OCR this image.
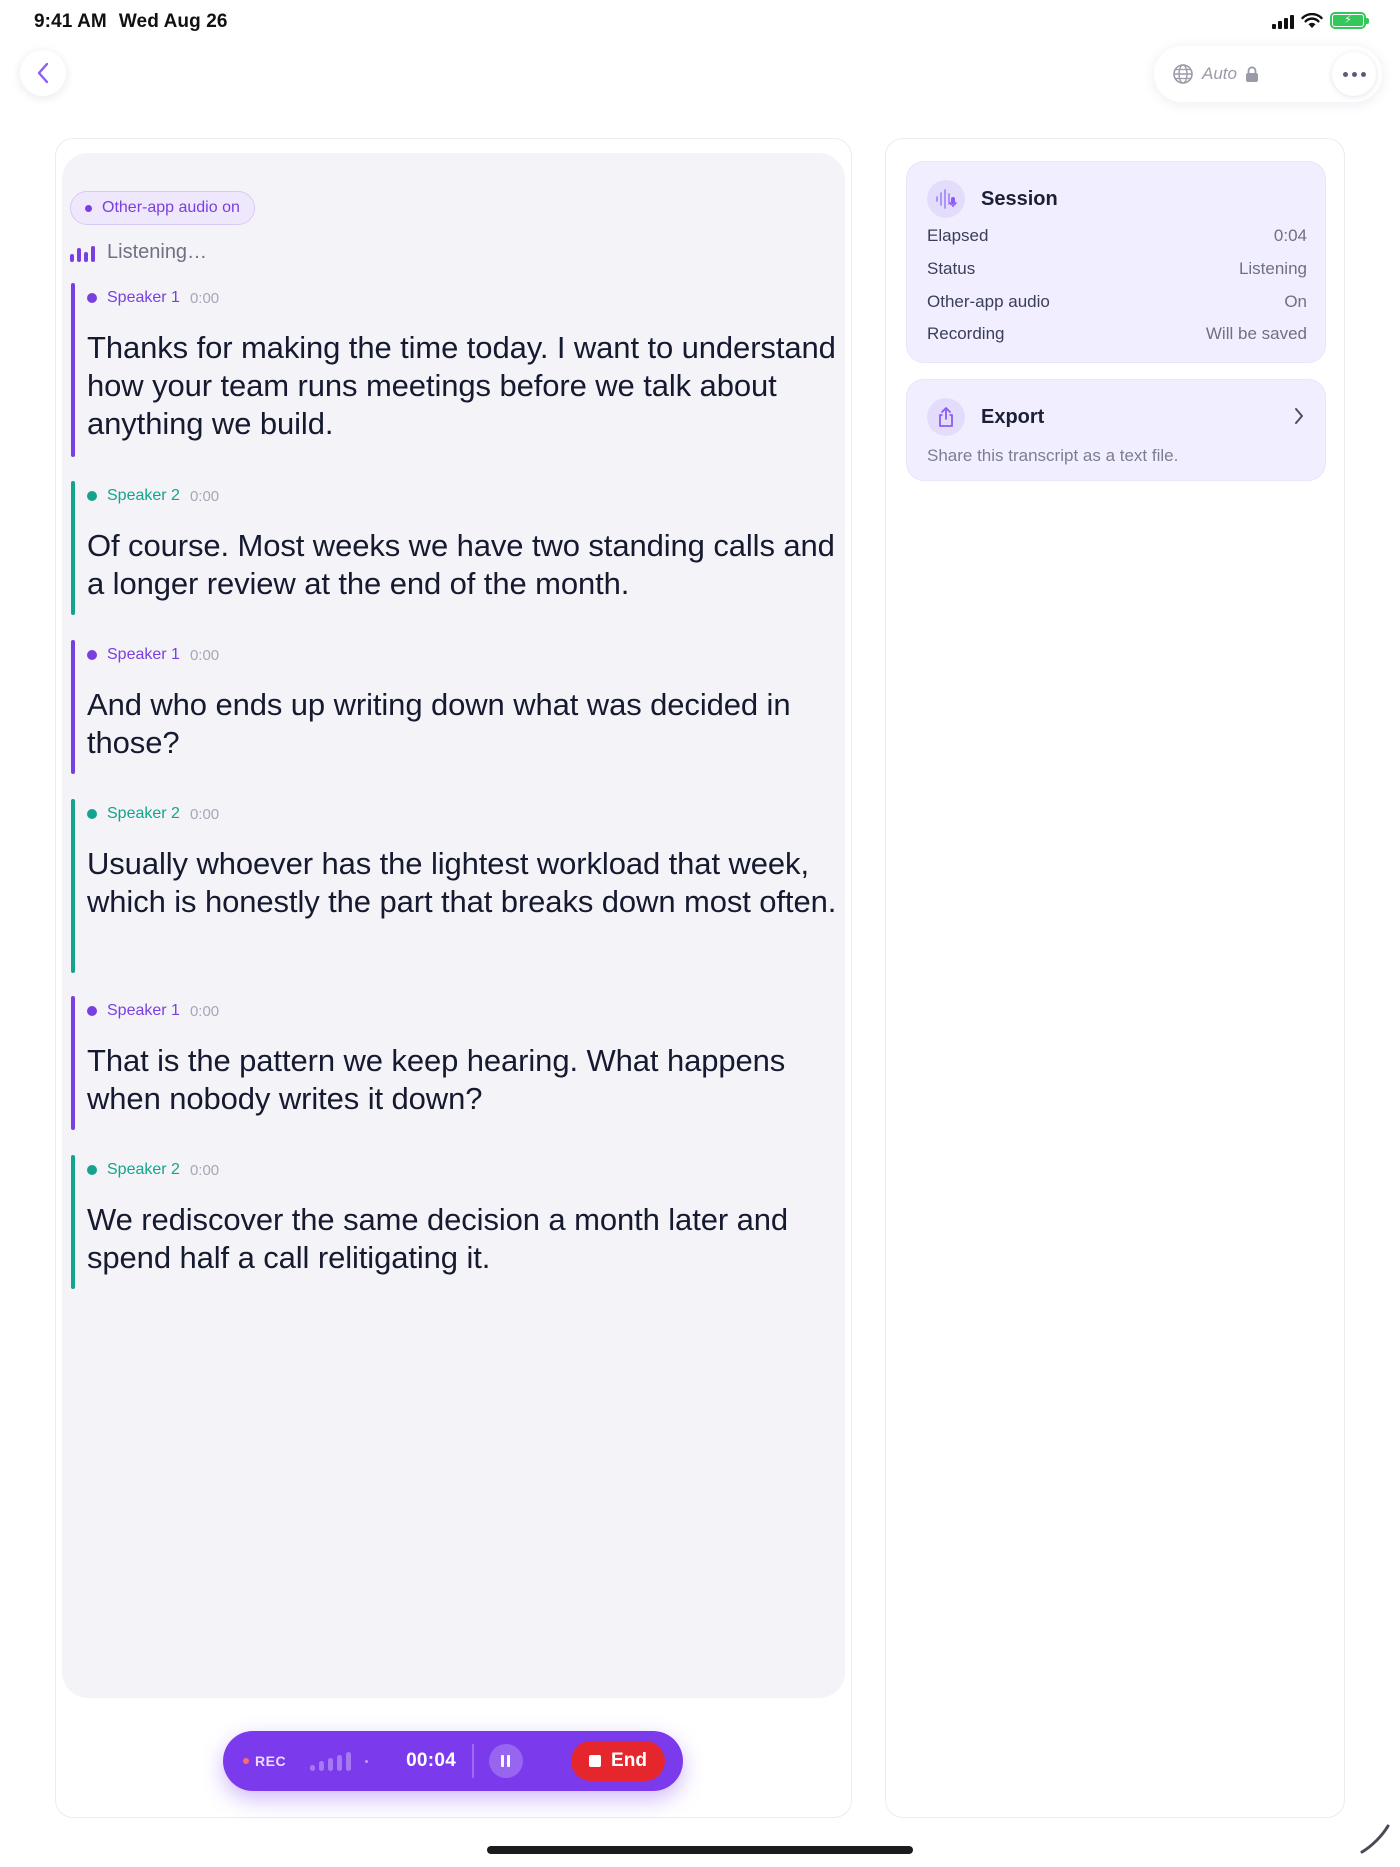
9:41 AM Wed Aug 26	⚡
Auto
Other-app audio on
Listening…
Speaker 1 0:00
Thanks for making the time today. I want to understand how your team runs meetings before we talk about anything we build.
Speaker 2 0:00
Of course. Most weeks we have two standing calls and a longer review at the end of the month.
Speaker 1 0:00
And who ends up writing down what was decided in those?
Speaker 2 0:00
Usually whoever has the lightest workload that week, which is honestly the part that breaks down most often.
Speaker 1 0:00
That is the pattern we keep hearing. What happens when nobody writes it down?
Speaker 2 0:00
We rediscover the same decision a month later and spend half a call relitigating it.
REC	00:04	End
Session
Elapsed	0:04
Status	Listening
Other-app audio	On
Recording	Will be saved
Export
Share this transcript as a text file.
